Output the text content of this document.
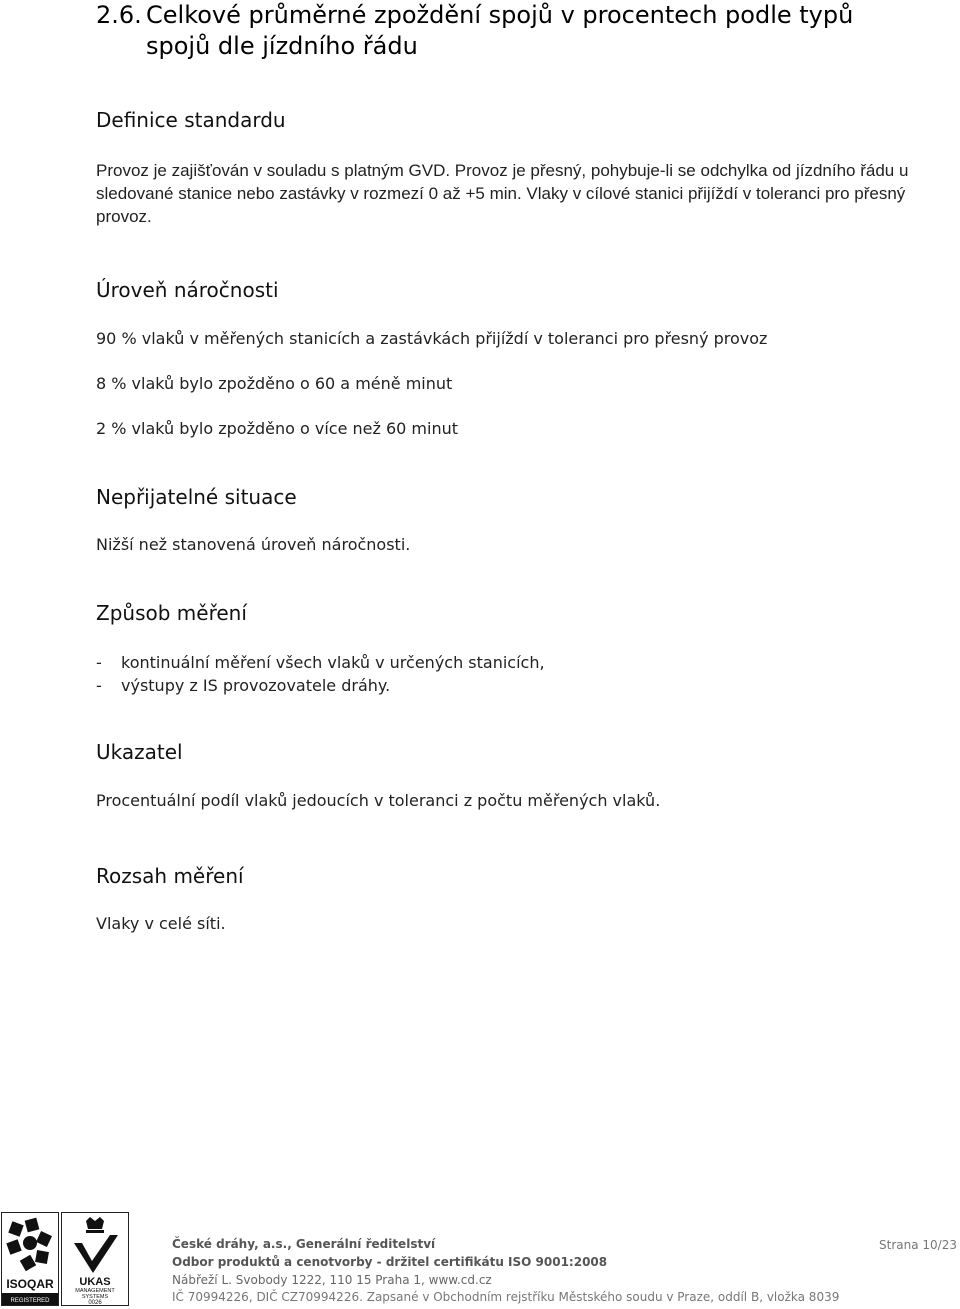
2.6. Celkové průměrné zpoždění spojů v procentech podle typů spojů dle jízdního řádu
Definice standardu
Provoz je zajišťován v souladu s platným GVD. Provoz je přesný, pohybuje-li se odchylka od jízdního řádu u sledované stanice nebo zastávky v rozmezí 0 až +5 min. Vlaky v cílové stanici přijíždí v toleranci pro přesný provoz.
Úroveň náročnosti
90 % vlaků v měřených stanicích a zastávkách přijíždí v toleranci pro přesný provoz
8 % vlaků bylo zpožděno o 60 a méně minut
2 % vlaků bylo zpožděno o více než 60 minut
Nepřijatelné situace
Nižší než stanovená úroveň náročnosti.
Způsob měření
- kontinuální měření všech vlaků v určených stanicích,
- výstupy z IS provozovatele dráhy.
Ukazatel
Procentuální podíl vlaků jedoucích v toleranci z počtu měřených vlaků.
Rozsah měření
Vlaky v celé síti.
ISOQAR
REGISTERED
UKAS
MANAGEMENT
SYSTEMS
0026
České dráhy, a.s., Generální ředitelství
Odbor produktů a cenotvorby - držitel certifikátu ISO 9001:2008
Nábřeží L. Svobody 1222, 110 15 Praha 1, www.cd.cz
IČ 70994226, DIČ CZ70994226. Zapsané v Obchodním rejstříku Městského soudu v Praze, oddíl B, vložka 8039
Strana 10/23
